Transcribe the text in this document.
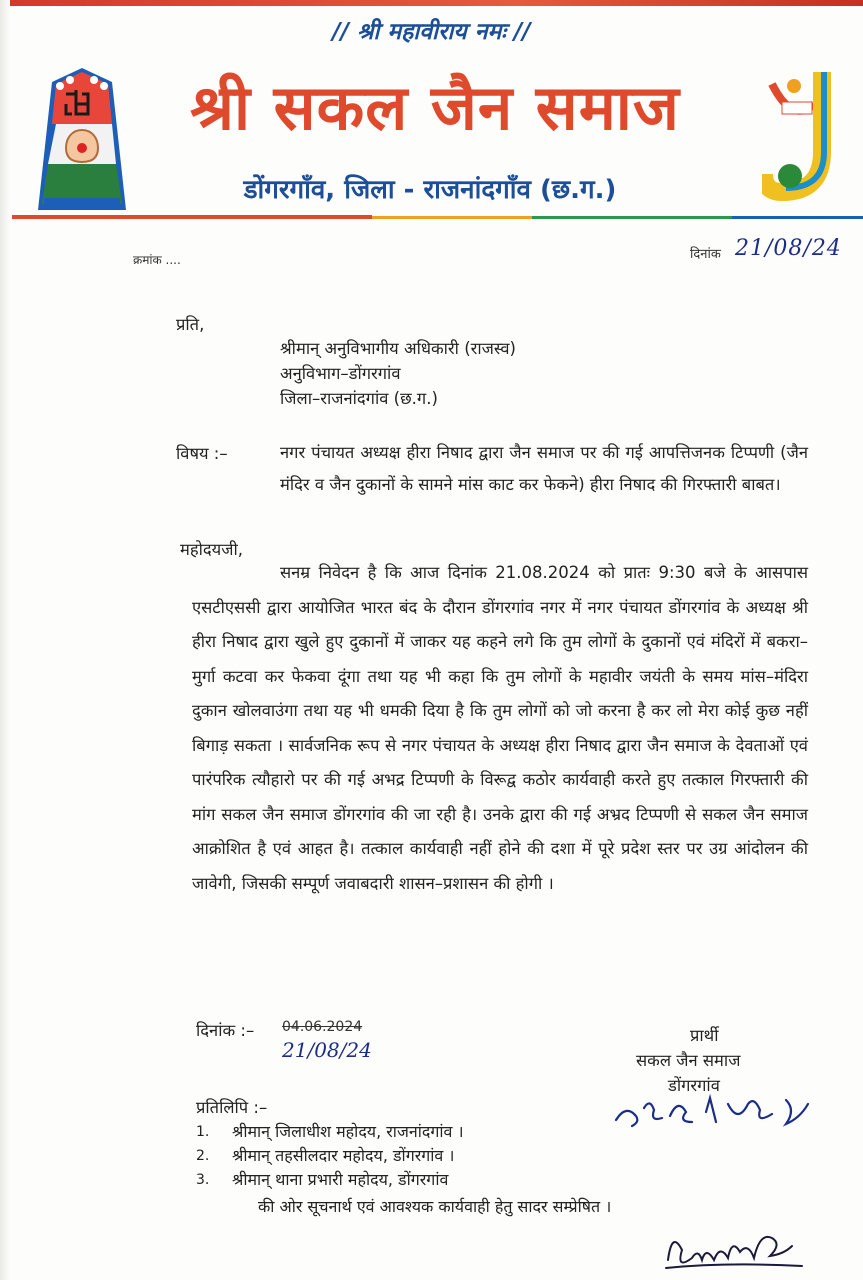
// श्री महावीराय नमः //
श्री सकल जैन समाज
डोंगरगाँव, जिला - राजनांदगाँव (छ.ग.)
क्रमांक ....	दिनांक 21/08/24
प्रति,
श्रीमान् अनुविभागीय अधिकारी (राजस्व)
अनुविभाग–डोंगरगांव
जिला–राजनांदगांव (छ.ग.)
विषय :–	नगर पंचायत अध्यक्ष हीरा निषाद द्वारा जैन समाज पर की गई आपत्तिजनक टिप्पणी (जैन मंदिर व जैन दुकानों के सामने मांस काट कर फेकने) हीरा निषाद की गिरफ्तारी बाबत।
महोदयजी,
सनम्र निवेदन है कि आज दिनांक 21.08.2024 को प्रातः 9:30 बजे के आसपास एसटीएससी द्वारा आयोजित भारत बंद के दौरान डोंगरगांव नगर में नगर पंचायत डोंगरगांव के अध्यक्ष श्री हीरा निषाद द्वारा खुले हुए दुकानों में जाकर यह कहने लगे कि तुम लोगों के दुकानों एवं मंदिरों में बकरा–मुर्गा कटवा कर फेकवा दूंगा तथा यह भी कहा कि तुम लोगों के महावीर जयंती के समय मांस–मंदिरा दुकान खोलवाउंगा तथा यह भी धमकी दिया है कि तुम लोगों को जो करना है कर लो मेरा कोई कुछ नहीं बिगाड़ सकता । सार्वजनिक रूप से नगर पंचायत के अध्यक्ष हीरा निषाद द्वारा जैन समाज के देवताओं एवं पारंपरिक त्यौहारो पर की गई अभद्र टिप्पणी के विरूद्व कठोर कार्यवाही करते हुए तत्काल गिरफ्तारी की मांग सकल जैन समाज डोंगरगांव की जा रही है। उनके द्वारा की गई अभ्रद टिप्पणी से सकल जैन समाज आक्रोशित है एवं आहत है। तत्काल कार्यवाही नहीं होने की दशा में पूरे प्रदेश स्तर पर उग्र आंदोलन की जावेगी, जिसकी सम्पूर्ण जवाबदारी शासन–प्रशासन की होगी ।
दिनांक :– 04.06.2024
21/08/24
प्रार्थी
सकल जैन समाज
डोंगरगांव
प्रतिलिपि :–
1. श्रीमान् जिलाधीश महोदय, राजनांदगांव ।
2. श्रीमान् तहसीलदार महोदय, डोंगरगांव ।
3. श्रीमान् थाना प्रभारी महोदय, डोंगरगांव
की ओर सूचनार्थ एवं आवश्यक कार्यवाही हेतु सादर सम्प्रेषित ।
